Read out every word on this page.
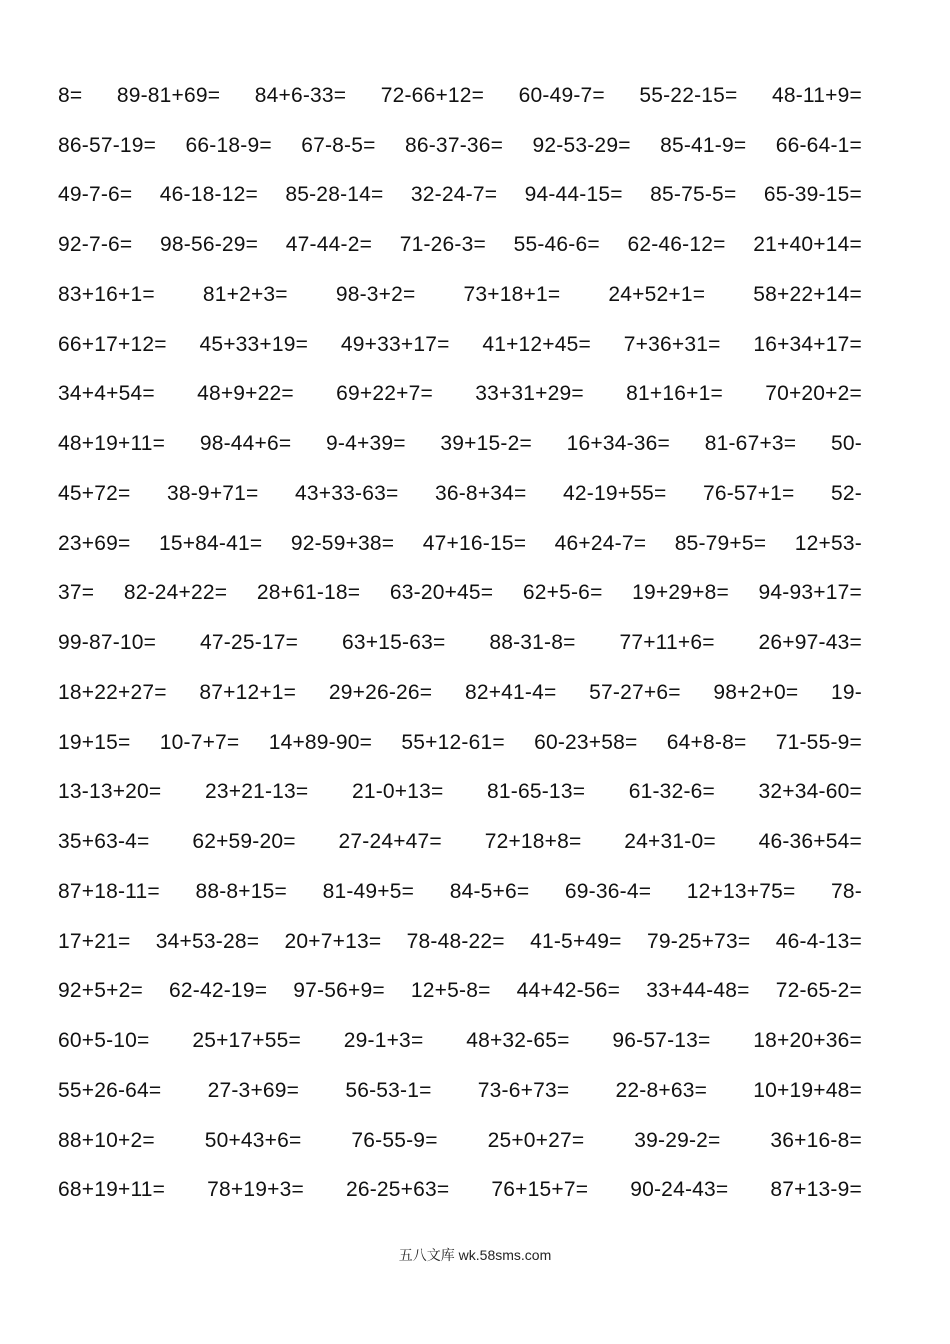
8= 89-81+69= 84+6-33= 72-66+12= 60-49-7= 55-22-15= 48-11+9=
86-57-19= 66-18-9= 67-8-5= 86-37-36= 92-53-29= 85-41-9= 66-64-1=
49-7-6= 46-18-12= 85-28-14= 32-24-7= 94-44-15= 85-75-5= 65-39-15=
92-7-6= 98-56-29= 47-44-2= 71-26-3= 55-46-6= 62-46-12= 21+40+14=
83+16+1= 81+2+3= 98-3+2= 73+18+1= 24+52+1= 58+22+14=
66+17+12= 45+33+19= 49+33+17= 41+12+45= 7+36+31= 16+34+17=
34+4+54= 48+9+22= 69+22+7= 33+31+29= 81+16+1= 70+20+2=
48+19+11= 98-44+6= 9-4+39= 39+15-2= 16+34-36= 81-67+3= 50-
45+72= 38-9+71= 43+33-63= 36-8+34= 42-19+55= 76-57+1= 52-
23+69= 15+84-41= 92-59+38= 47+16-15= 46+24-7= 85-79+5= 12+53-
37= 82-24+22= 28+61-18= 63-20+45= 62+5-6= 19+29+8= 94-93+17=
99-87-10= 47-25-17= 63+15-63= 88-31-8= 77+11+6= 26+97-43=
18+22+27= 87+12+1= 29+26-26= 82+41-4= 57-27+6= 98+2+0= 19-
19+15= 10-7+7= 14+89-90= 55+12-61= 60-23+58= 64+8-8= 71-55-9=
13-13+20= 23+21-13= 21-0+13= 81-65-13= 61-32-6= 32+34-60=
35+63-4= 62+59-20= 27-24+47= 72+18+8= 24+31-0= 46-36+54=
87+18-11= 88-8+15= 81-49+5= 84-5+6= 69-36-4= 12+13+75= 78-
17+21= 34+53-28= 20+7+13= 78-48-22= 41-5+49= 79-25+73= 46-4-13=
92+5+2= 62-42-19= 97-56+9= 12+5-8= 44+42-56= 33+44-48= 72-65-2=
60+5-10= 25+17+55= 29-1+3= 48+32-65= 96-57-13= 18+20+36=
55+26-64= 27-3+69= 56-53-1= 73-6+73= 22-8+63= 10+19+48=
88+10+2= 50+43+6= 76-55-9= 25+0+27= 39-29-2= 36+16-8=
68+19+11= 78+19+3= 26-25+63= 76+15+7= 90-24-43= 87+13-9=
五八文库 wk.58sms.com
